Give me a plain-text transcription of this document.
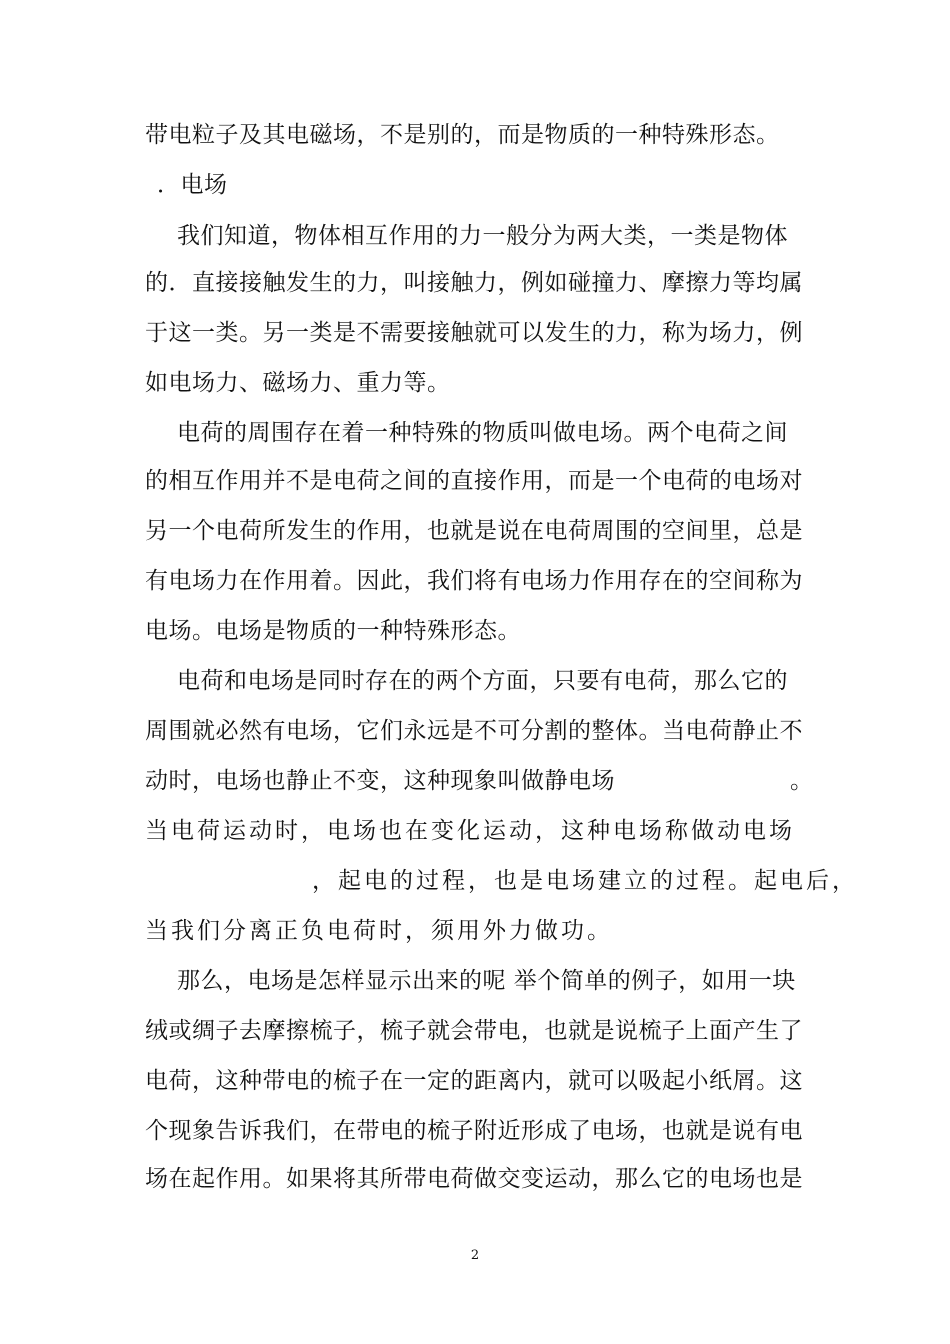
带电粒子及其电磁场，不是别的，而是物质的一种特殊形态。
．电场
我们知道，物体相互作用的力一般分为两大类，一类是物体
的．直接接触发生的力，叫接触力，例如碰撞力、摩擦力等均属
于这一类。另一类是不需要接触就可以发生的力，称为场力，例
如电场力、磁场力、重力等。
电荷的周围存在着一种特殊的物质叫做电场。两个电荷之间
的相互作用并不是电荷之间的直接作用，而是一个电荷的电场对
另一个电荷所发生的作用，也就是说在电荷周围的空间里，总是
有电场力在作用着。因此，我们将有电场力作用存在的空间称为
电场。电场是物质的一种特殊形态。
电荷和电场是同时存在的两个方面，只要有电荷，那么它的
周围就必然有电场，它们永远是不可分割的整体。当电荷静止不
动时，电场也静止不变，这种现象叫做静电场	。
当电荷运动时，电场也在变化运动，这种电场称做动电场
，起电的过程，也是电场建立的过程。起电后，
当我们分离正负电荷时，须用外力做功。
那么，电场是怎样显示出来的呢 举个简单的例子，如用一块
绒或绸子去摩擦梳子，梳子就会带电，也就是说梳子上面产生了
电荷，这种带电的梳子在一定的距离内，就可以吸起小纸屑。这
个现象告诉我们，在带电的梳子附近形成了电场，也就是说有电
场在起作用。如果将其所带电荷做交变运动，那么它的电场也是
2
